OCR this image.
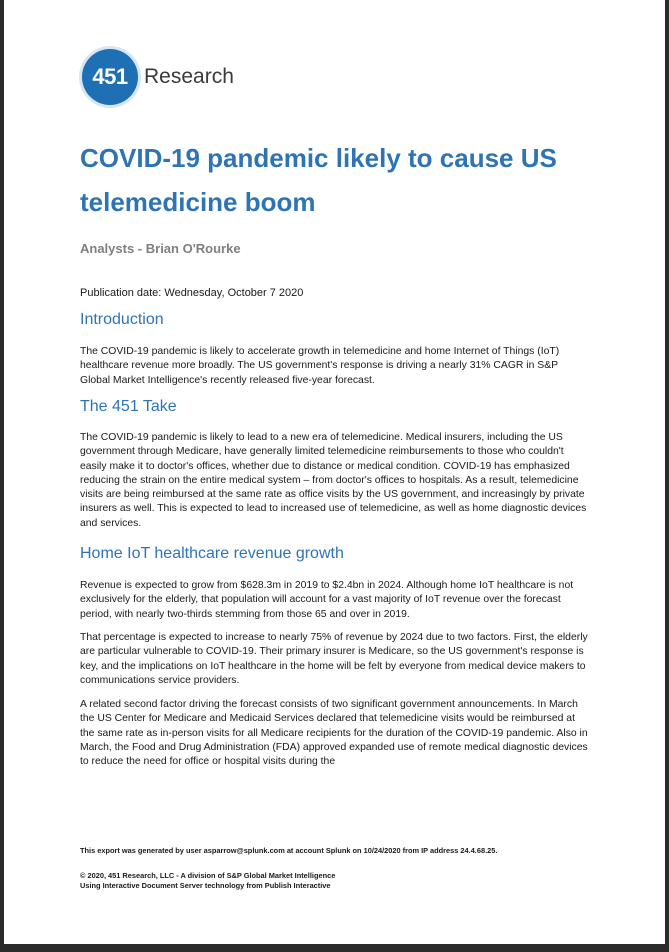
451 Research
COVID-19 pandemic likely to cause US telemedicine boom
Analysts - Brian O'Rourke
Publication date: Wednesday, October 7 2020
Introduction

The COVID-19 pandemic is likely to accelerate growth in telemedicine and home Internet of Things (IoT) healthcare revenue more broadly. The US government's response is driving a nearly 31% CAGR in S&P Global Market Intelligence's recently released five-year forecast.

The 451 Take

The COVID-19 pandemic is likely to lead to a new era of telemedicine. Medical insurers, including the US government through Medicare, have generally limited telemedicine reimbursements to those who couldn't easily make it to doctor's offices, whether due to distance or medical condition. COVID-19 has emphasized reducing the strain on the entire medical system – from doctor's offices to hospitals. As a result, telemedicine visits are being reimbursed at the same rate as office visits by the US government, and increasingly by private insurers as well. This is expected to lead to increased use of telemedicine, as well as home diagnostic devices and services.

Home IoT healthcare revenue growth

Revenue is expected to grow from $628.3m in 2019 to $2.4bn in 2024. Although home IoT healthcare is not exclusively for the elderly, that population will account for a vast majority of IoT revenue over the forecast period, with nearly two-thirds stemming from those 65 and over in 2019.

That percentage is expected to increase to nearly 75% of revenue by 2024 due to two factors. First, the elderly are particular vulnerable to COVID-19. Their primary insurer is Medicare, so the US government's response is key, and the implications on IoT healthcare in the home will be felt by everyone from medical device makers to communications service providers.

A related second factor driving the forecast consists of two significant government announcements. In March the US Center for Medicare and Medicaid Services declared that telemedicine visits would be reimbursed at the same rate as in-person visits for all Medicare recipients for the duration of the COVID-19 pandemic. Also in March, the Food and Drug Administration (FDA) approved expanded use of remote medical diagnostic devices to reduce the need for office or hospital visits during the

This export was generated by user asparrow@splunk.com at account Splunk on 10/24/2020 from IP address 24.4.68.25.
© 2020, 451 Research, LLC - A division of S&P Global Market Intelligence
Using Interactive Document Server technology from Publish Interactive
